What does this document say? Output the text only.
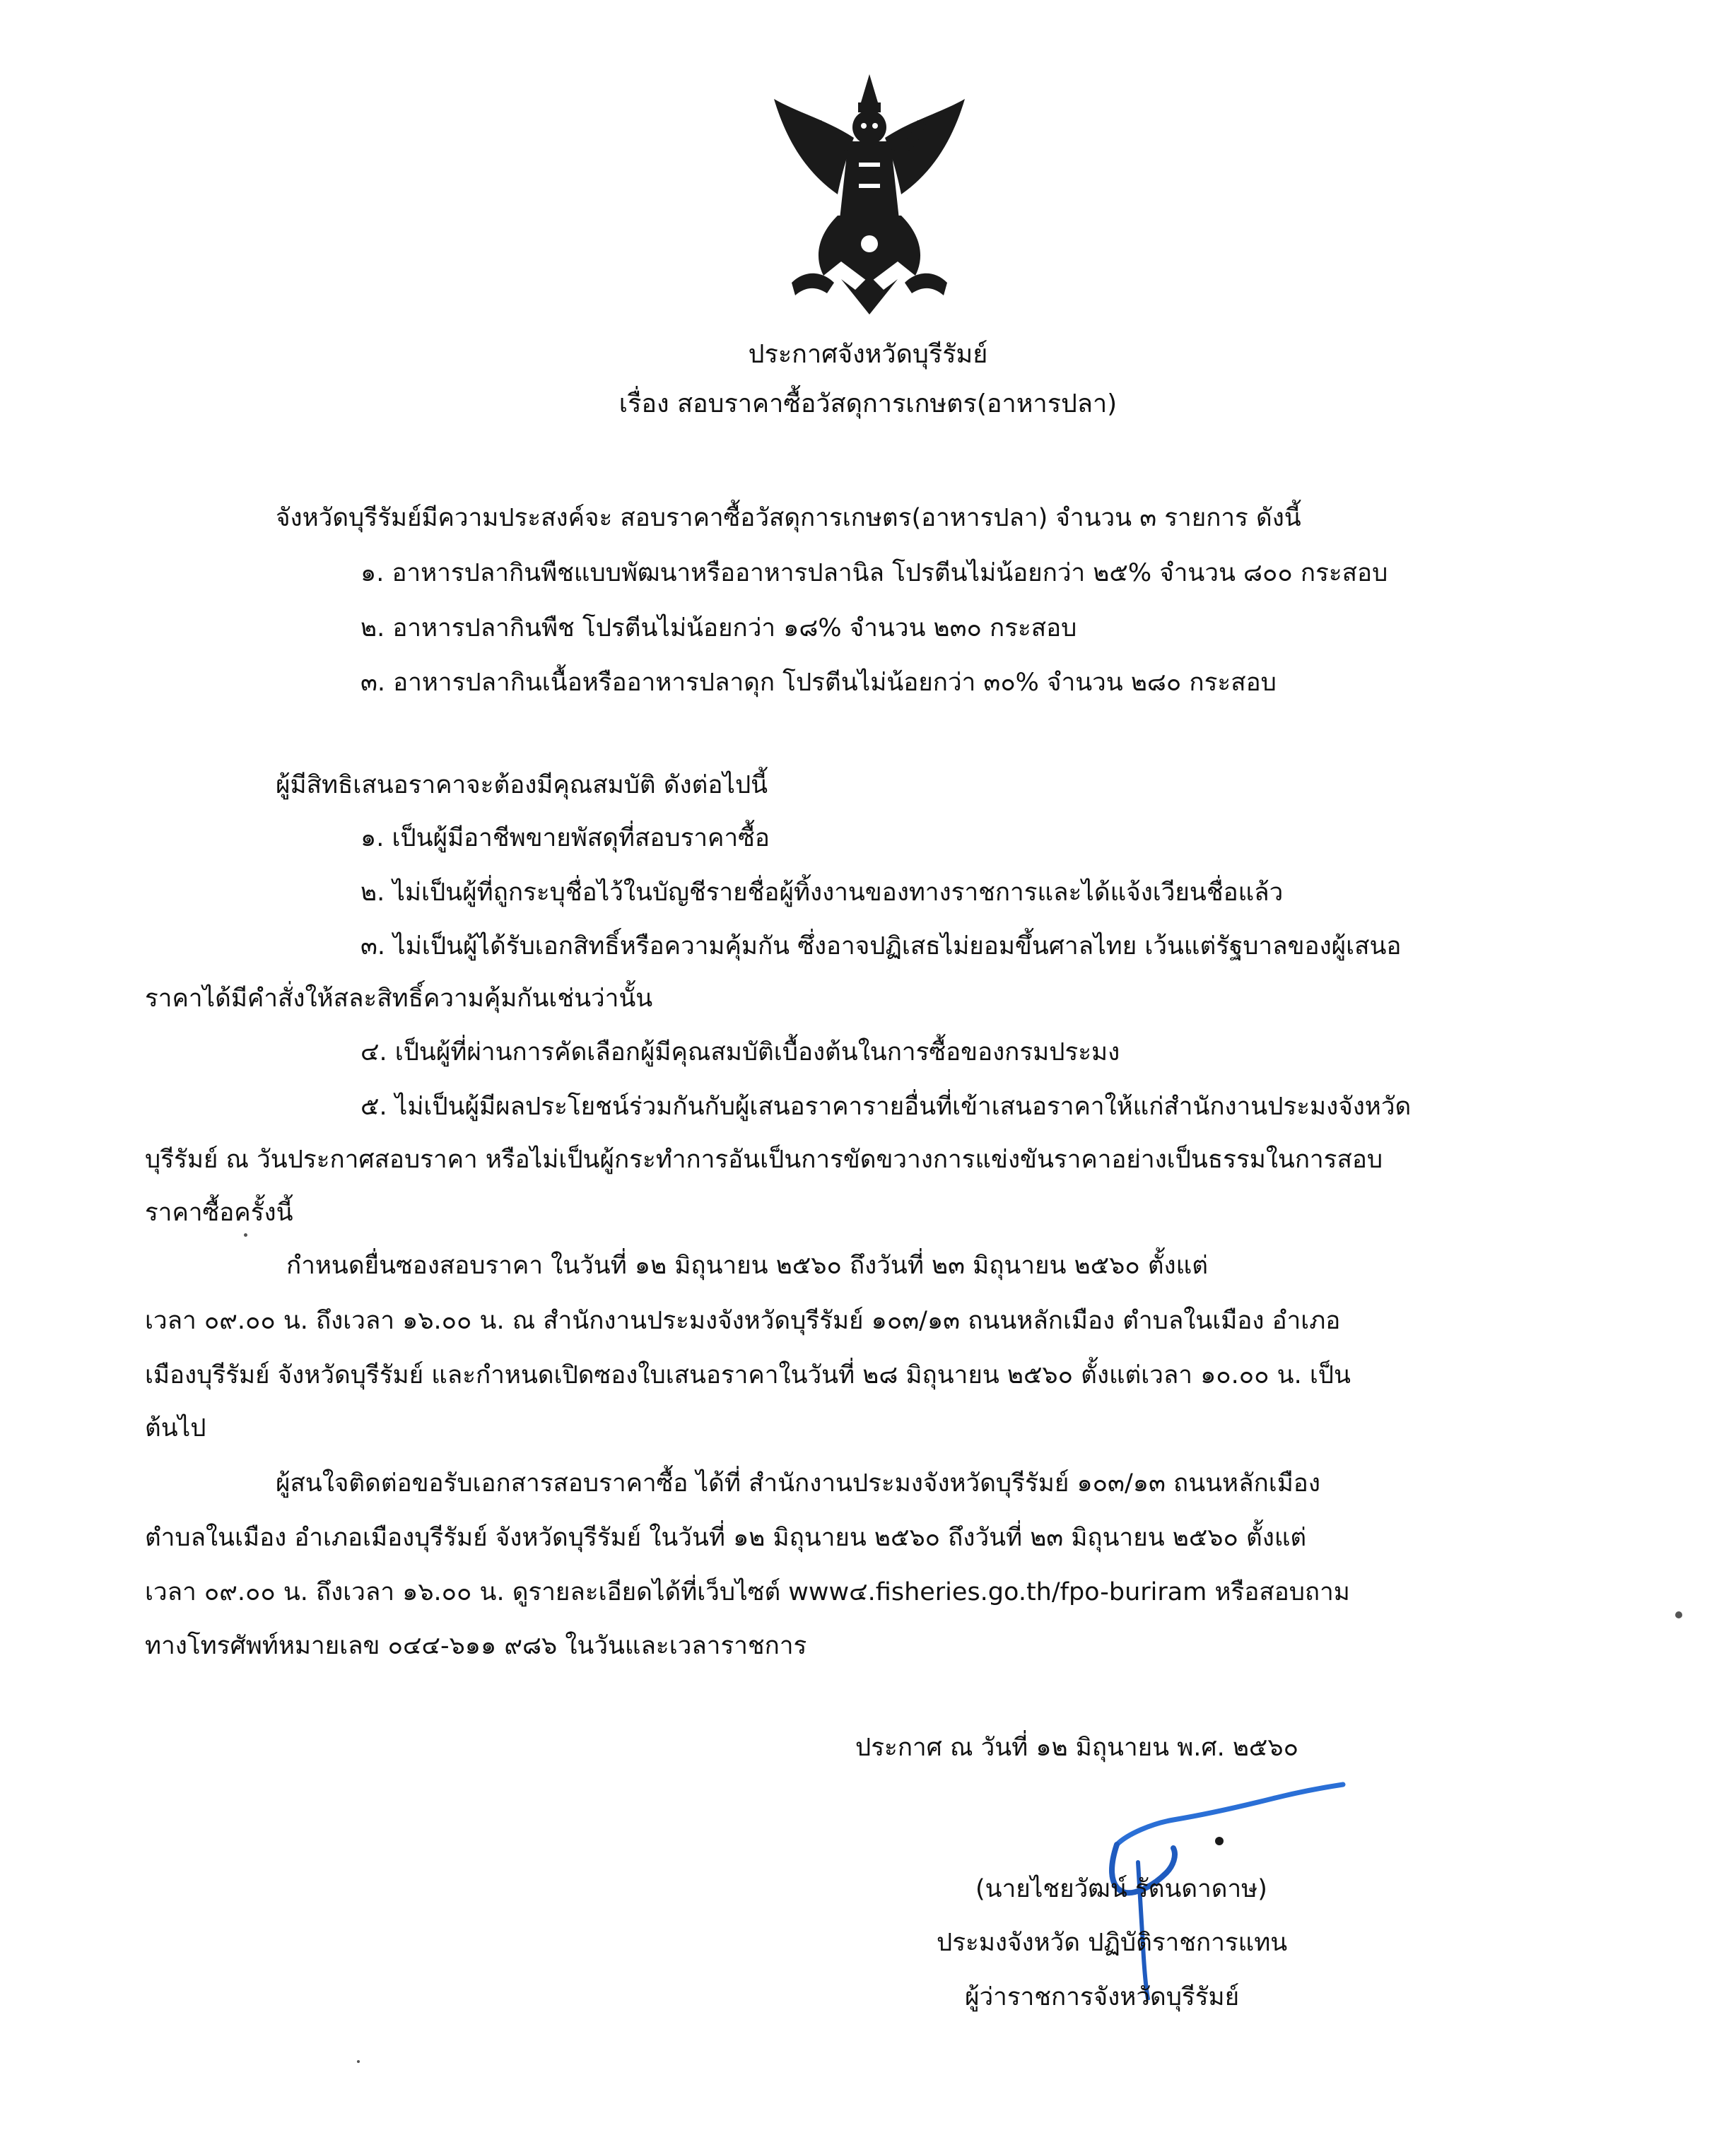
ประกาศจังหวัดบุรีรัมย์
เรื่อง สอบราคาซื้อวัสดุการเกษตร(อาหารปลา)
จังหวัดบุรีรัมย์มีความประสงค์จะ สอบราคาซื้อวัสดุการเกษตร(อาหารปลา) จำนวน ๓ รายการ ดังนี้
๑. อาหารปลากินพืชแบบพัฒนาหรืออาหารปลานิล โปรตีนไม่น้อยกว่า ๒๕% จำนวน ๘๐๐ กระสอบ
๒. อาหารปลากินพืช โปรตีนไม่น้อยกว่า ๑๘% จำนวน ๒๓๐ กระสอบ
๓. อาหารปลากินเนื้อหรืออาหารปลาดุก โปรตีนไม่น้อยกว่า ๓๐% จำนวน ๒๘๐ กระสอบ
ผู้มีสิทธิเสนอราคาจะต้องมีคุณสมบัติ ดังต่อไปนี้
๑. เป็นผู้มีอาชีพขายพัสดุที่สอบราคาซื้อ
๒. ไม่เป็นผู้ที่ถูกระบุชื่อไว้ในบัญชีรายชื่อผู้ทิ้งงานของทางราชการและได้แจ้งเวียนชื่อแล้ว
๓. ไม่เป็นผู้ได้รับเอกสิทธิ์หรือความคุ้มกัน ซึ่งอาจปฏิเสธไม่ยอมขึ้นศาลไทย เว้นแต่รัฐบาลของผู้เสนอ
ราคาได้มีคำสั่งให้สละสิทธิ์ความคุ้มกันเช่นว่านั้น
๔. เป็นผู้ที่ผ่านการคัดเลือกผู้มีคุณสมบัติเบื้องต้นในการซื้อของกรมประมง
๕. ไม่เป็นผู้มีผลประโยชน์ร่วมกันกับผู้เสนอราคารายอื่นที่เข้าเสนอราคาให้แก่สำนักงานประมงจังหวัด
บุรีรัมย์ ณ วันประกาศสอบราคา หรือไม่เป็นผู้กระทำการอันเป็นการขัดขวางการแข่งขันราคาอย่างเป็นธรรมในการสอบ
ราคาซื้อครั้งนี้
กำหนดยื่นซองสอบราคา ในวันที่ ๑๒ มิถุนายน ๒๕๖๐ ถึงวันที่ ๒๓ มิถุนายน ๒๕๖๐ ตั้งแต่
เวลา ๐๙.๐๐ น. ถึงเวลา ๑๖.๐๐ น. ณ สำนักงานประมงจังหวัดบุรีรัมย์ ๑๐๓/๑๓ ถนนหลักเมือง ตำบลในเมือง อำเภอ
เมืองบุรีรัมย์ จังหวัดบุรีรัมย์ และกำหนดเปิดซองใบเสนอราคาในวันที่ ๒๘ มิถุนายน ๒๕๖๐ ตั้งแต่เวลา ๑๐.๐๐ น. เป็น
ต้นไป
ผู้สนใจติดต่อขอรับเอกสารสอบราคาซื้อ ได้ที่ สำนักงานประมงจังหวัดบุรีรัมย์ ๑๐๓/๑๓ ถนนหลักเมือง
ตำบลในเมือง อำเภอเมืองบุรีรัมย์ จังหวัดบุรีรัมย์ ในวันที่ ๑๒ มิถุนายน ๒๕๖๐ ถึงวันที่ ๒๓ มิถุนายน ๒๕๖๐ ตั้งแต่
เวลา ๐๙.๐๐ น. ถึงเวลา ๑๖.๐๐ น. ดูรายละเอียดได้ที่เว็บไซต์ www๔.fisheries.go.th/fpo-buriram หรือสอบถาม
ทางโทรศัพท์หมายเลข ๐๔๔-๖๑๑ ๙๘๖ ในวันและเวลาราชการ
ประกาศ ณ วันที่ ๑๒ มิถุนายน พ.ศ. ๒๕๖๐
(นายไชยวัฒน์ รัตนดาดาษ)
ประมงจังหวัด ปฏิบัติราชการแทน
ผู้ว่าราชการจังหวัดบุรีรัมย์
